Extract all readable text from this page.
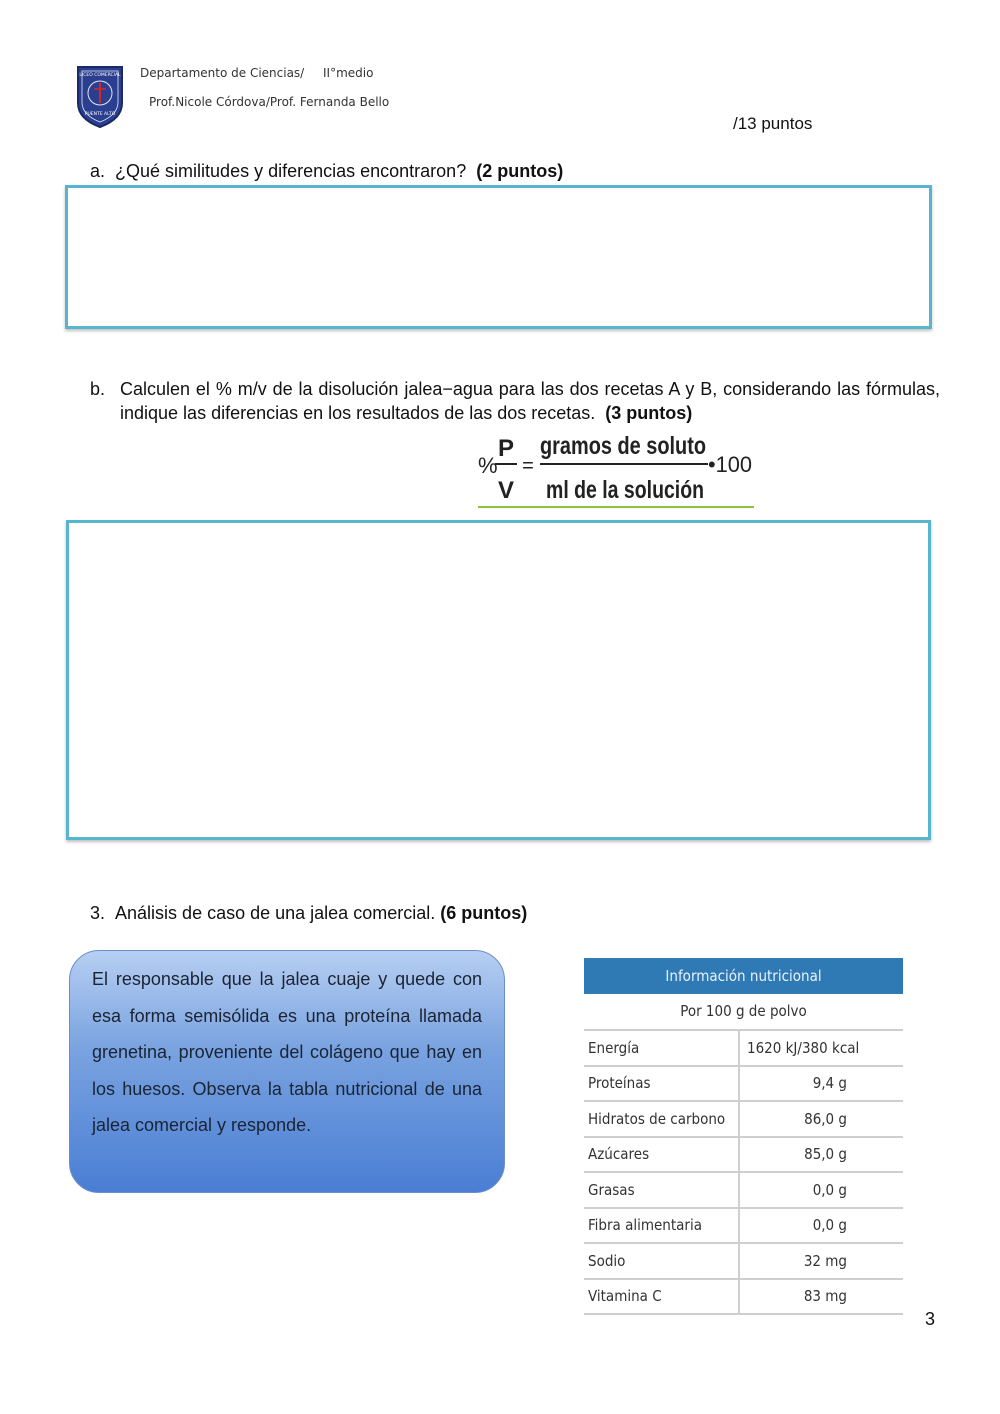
LICEO COMERCIAL
PUENTE ALTO
Departamento de Ciencias/ II°medio
Prof.Nicole Córdova/Prof. Fernanda Bello
/13 puntos
a. ¿Qué similitudes y diferencias encontraron? (2 puntos)
b. Calculen el % m/v de la disolución jalea−agua para las dos recetas A y B, considerando las fórmulas, indique las diferencias en los resultados de las dos recetas. (3 puntos)
%
P
V
=
gramos de soluto
ml de la solución
•100
3. Análisis de caso de una jalea comercial. (6 puntos)
El responsable que la jalea cuaje y quede con esa forma semisólida es una proteína llamada grenetina, proveniente del colágeno que hay en los huesos. Observa la tabla nutricional de una jalea comercial y responde.
Información nutricional
Por 100 g de polvo
Energía	1620 kJ/380 kcal
Proteínas	9,4 g
Hidratos de carbono	86,0 g
Azúcares	85,0 g
Grasas	0,0 g
Fibra alimentaria	0,0 g
Sodio	32 mg
Vitamina C	83 mg
3
